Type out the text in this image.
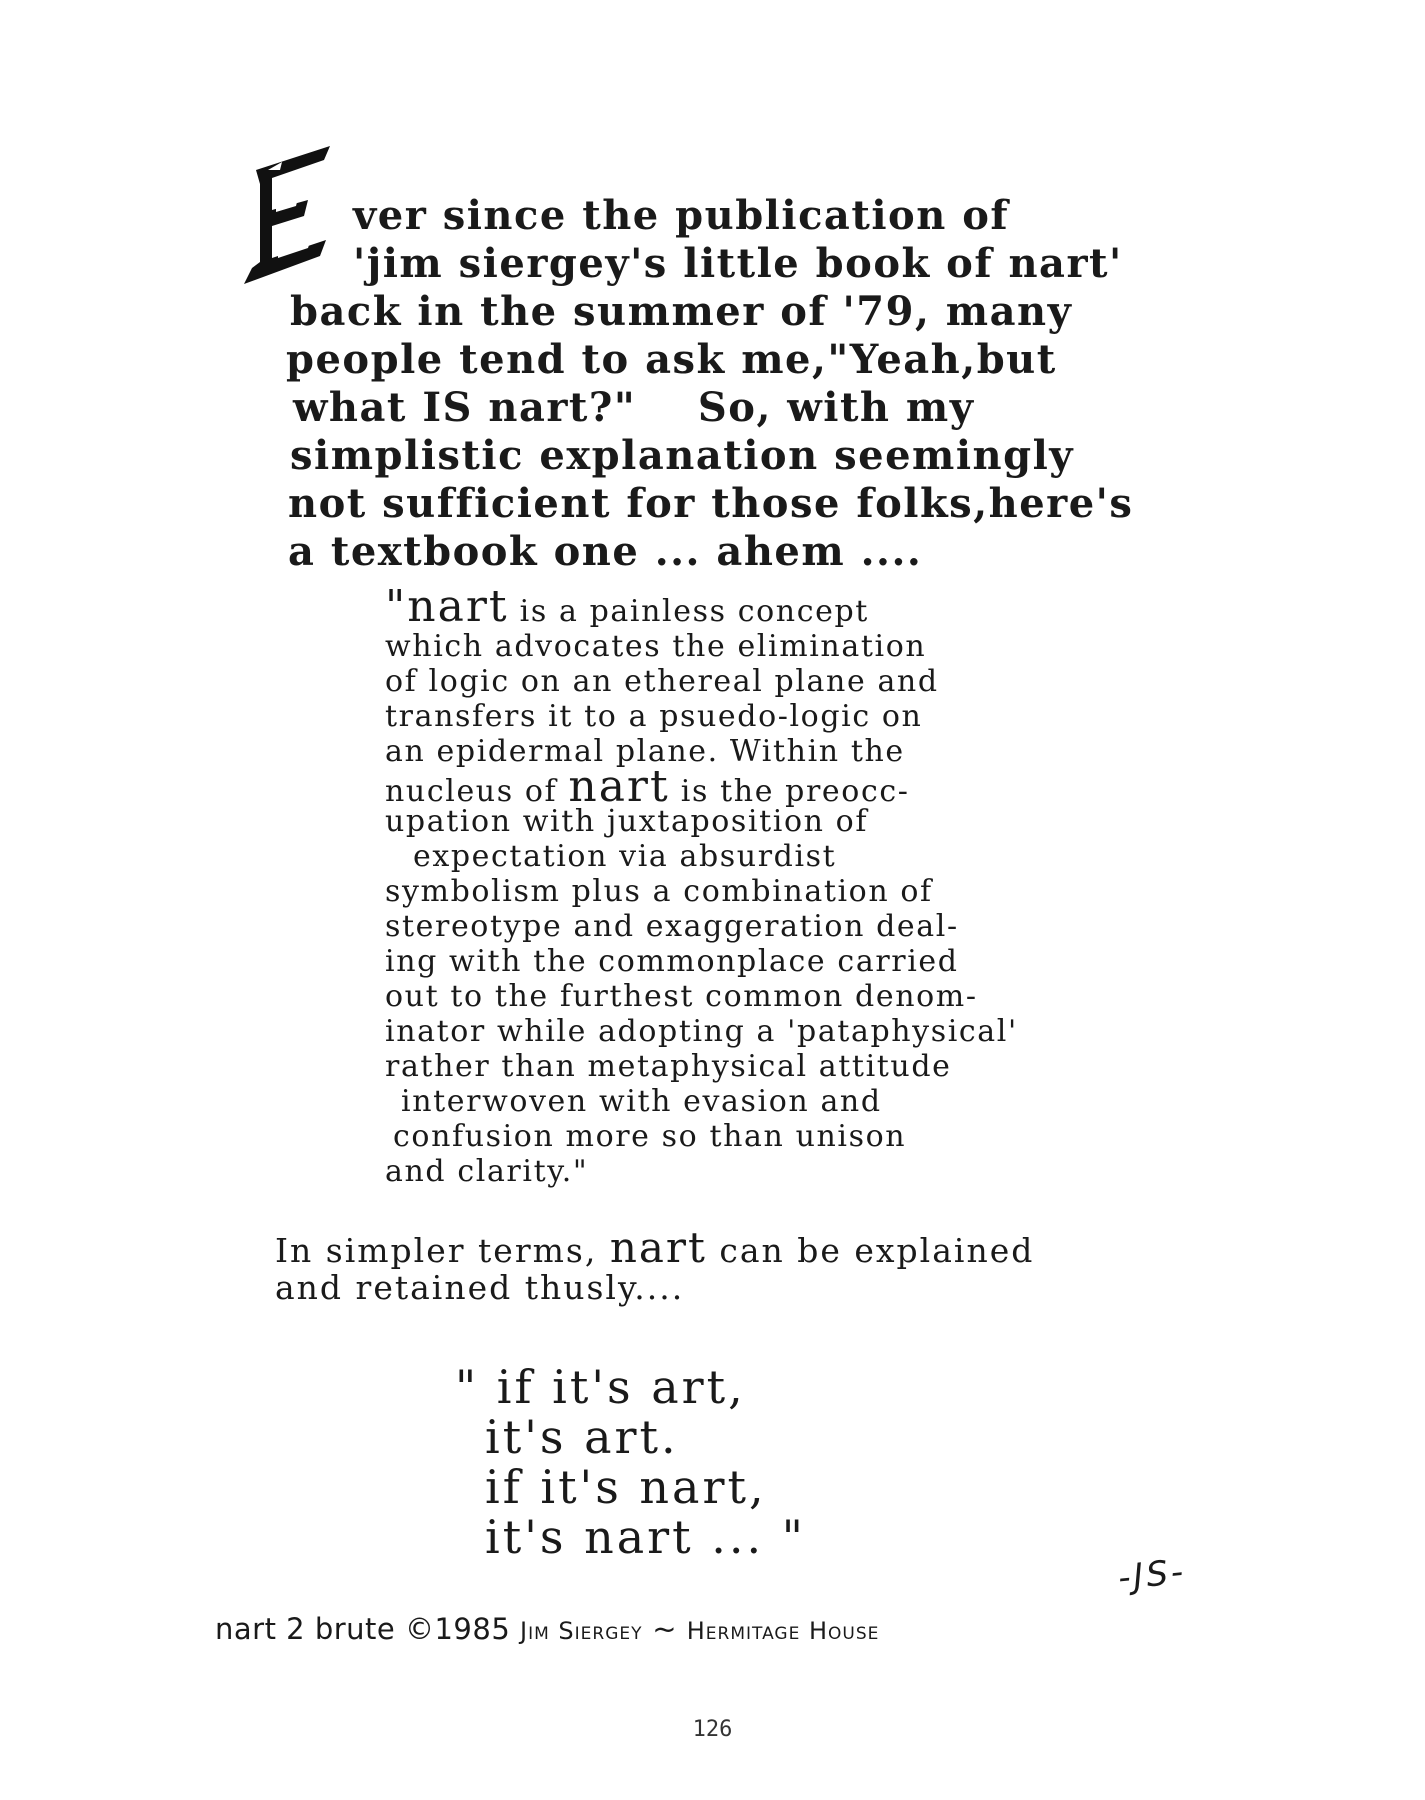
ver since the publication of
'jim siergey's little book of nart'
back in the summer of '79, many
people tend to ask me,"Yeah,but
what IS nart?"    So, with my
simplistic explanation seemingly
not sufficient for those folks,here's
a textbook one ... ahem ....
"nart is a painless concept
which advocates the elimination
of logic on an ethereal plane and
transfers it to a psuedo-logic on
an epidermal plane. Within the
nucleus of nart is the preocc-
upation with juxtaposition of
expectation via absurdist
symbolism plus a combination of
stereotype and exaggeration deal-
ing with the commonplace carried
out to the furthest common denom-
inator while adopting a 'pataphysical'
rather than metaphysical attitude
interwoven with evasion and
confusion more so than unison
and clarity."
In simpler terms, nart can be explained
and retained thusly....
" if it's art,
it's art.
if it's nart,
it's nart ... "
-JS-
nart 2 brute ©1985 Jim Siergey ~ Hermitage House
126
